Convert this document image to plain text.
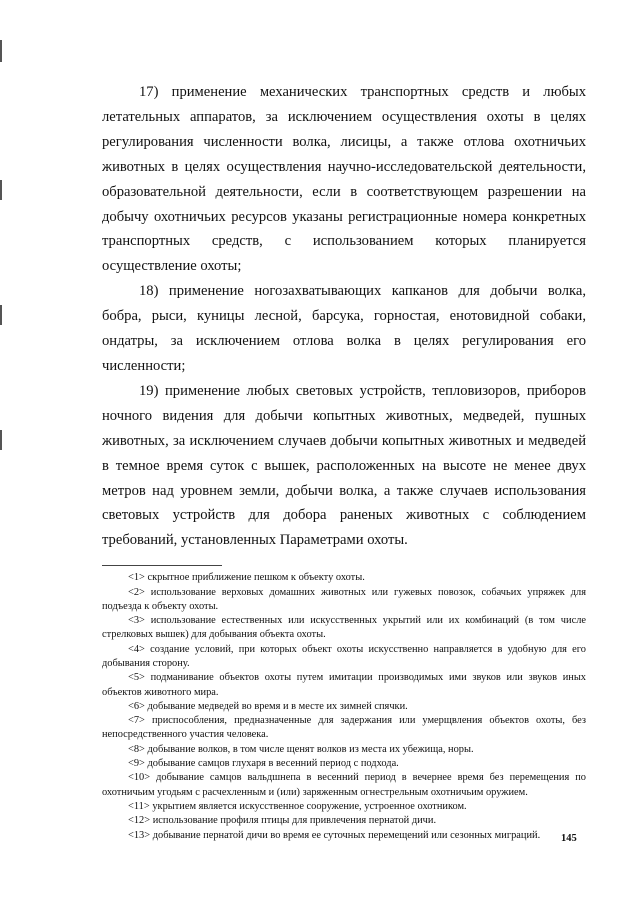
17) применение механических транспортных средств и любых летательных аппаратов, за исключением осуществления охоты в целях регулирования численности волка, лисицы, а также отлова охотничьих животных в целях осуществления научно-исследовательской деятельности, образовательной деятельности, если в соответствующем разрешении на добычу охотничьих ресурсов указаны регистрационные номера конкретных транспортных средств, с использованием которых планируется осуществление охоты;

18) применение ногозахватывающих капканов для добычи волка, бобра, рыси, куницы лесной, барсука, горностая, енотовидной собаки, ондатры, за исключением отлова волка в целях регулирования его численности;

19) применение любых световых устройств, тепловизоров, приборов ночного видения для добычи копытных животных, медведей, пушных животных, за исключением случаев добычи копытных животных и медведей в темное время суток с вышек, расположенных на высоте не менее двух метров над уровнем земли, добычи волка, а также случаев использования световых устройств для добора раненых животных с соблюдением требований, установленных Параметрами охоты.

<1> скрытное приближение пешком к объекту охоты.

<2> использование верховых домашних животных или гужевых повозок, собачьих упряжек для подъезда к объекту охоты.

<3> использование естественных или искусственных укрытий или их комбинаций (в том числе стрелковых вышек) для добывания объекта охоты.

<4> создание условий, при которых объект охоты искусственно направляется в удобную для его добывания сторону.

<5> подманивание объектов охоты путем имитации производимых ими звуков или звуков иных объектов животного мира.

<6> добывание медведей во время и в месте их зимней спячки.

<7> приспособления, предназначенные для задержания или умерщвления объектов охоты, без непосредственного участия человека.

<8> добывание волков, в том числе щенят волков из места их убежища, норы.

<9> добывание самцов глухаря в весенний период с подхода.

<10> добывание самцов вальдшнепа в весенний период в вечернее время без перемещения по охотничьим угодьям с расчехленным и (или) заряженным огнестрельным охотничьим оружием.

<11> укрытием является искусственное сооружение, устроенное охотником.

<12> использование профиля птицы для привлечения пернатой дичи.

<13> добывание пернатой дичи во время ее суточных перемещений или сезонных миграций.	145
